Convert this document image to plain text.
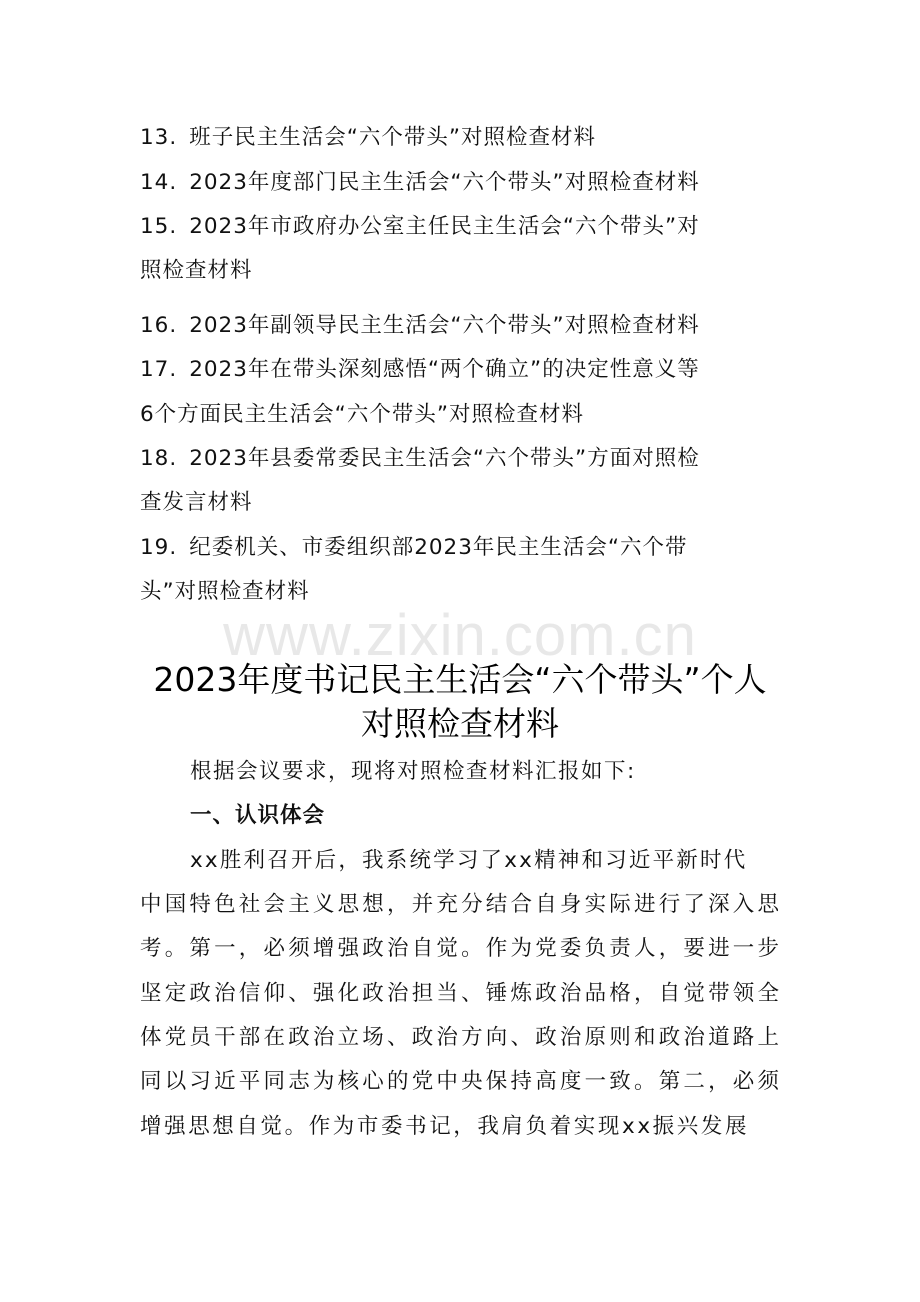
13. 班子民主生活会“六个带头”对照检查材料
14. 2023年度部门民主生活会“六个带头”对照检查材料
15. 2023年市政府办公室主任民主生活会“六个带头”对
照检查材料
16. 2023年副领导民主生活会“六个带头”对照检查材料
17. 2023年在带头深刻感悟“两个确立”的决定性意义等
6个方面民主生活会“六个带头”对照检查材料
18. 2023年县委常委民主生活会“六个带头”方面对照检
查发言材料
19. 纪委机关、市委组织部2023年民主生活会“六个带
头”对照检查材料
www.zixin.com.cn
2023年度书记民主生活会“六个带头”个人
对照检查材料
根据会议要求，现将对照检查材料汇报如下:
一、认识体会
xx胜利召开后，我系统学习了xx精神和习近平新时代
中国特色社会主义思想，并充分结合自身实际进行了深入思
考。第一，必须增强政治自觉。作为党委负责人，要进一步
坚定政治信仰、强化政治担当、锤炼政治品格，自觉带领全
体党员干部在政治立场、政治方向、政治原则和政治道路上
同以习近平同志为核心的党中央保持高度一致。第二，必须
增强思想自觉。作为市委书记，我肩负着实现xx振兴发展
